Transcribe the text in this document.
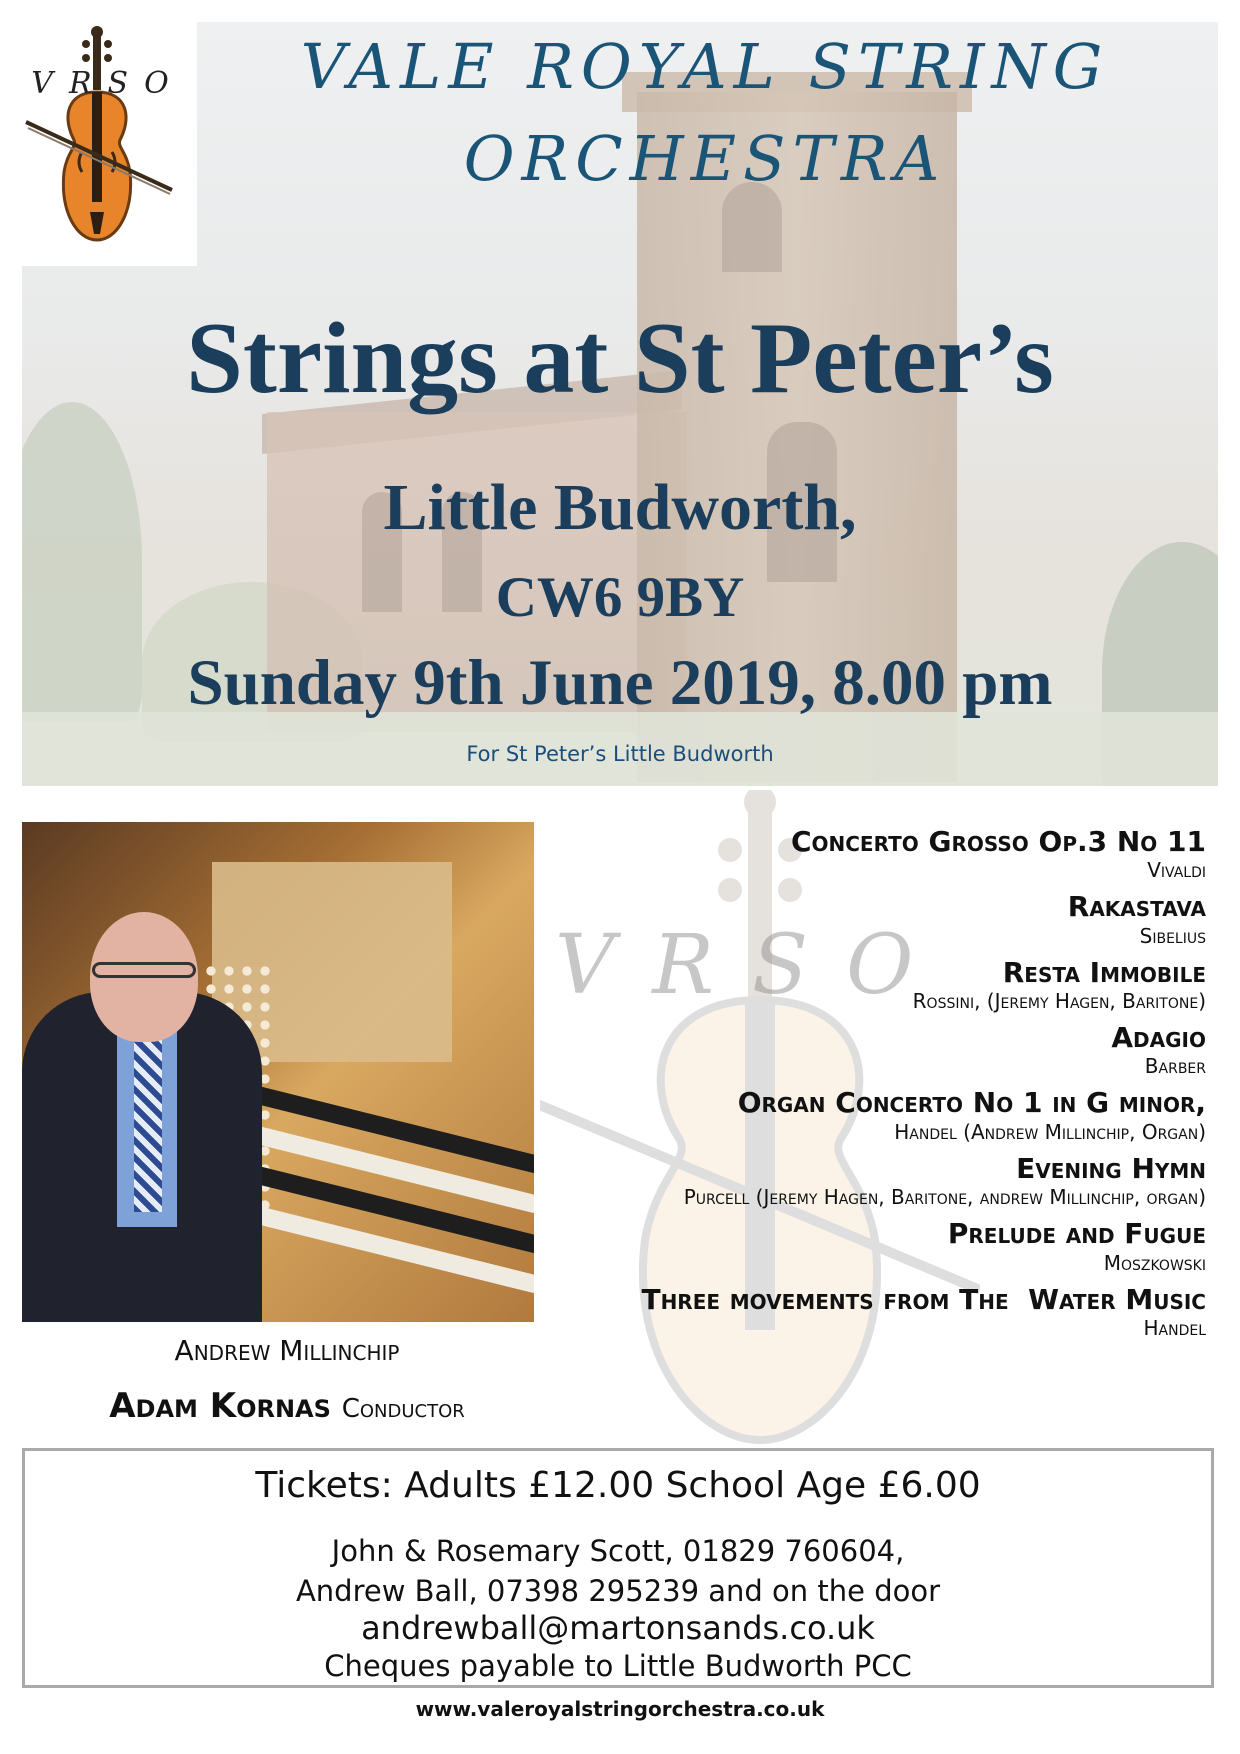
VRSO	VALE ROYAL STRING
ORCHESTRA
Strings at St Peter’s
Little Budworth,
CW6 9BY
Sunday 9th June 2019, 8.00 pm
For St Peter’s Little Budworth
VRSO
Andrew Millinchip
Adam Kornas Conductor
Concerto Grosso Op.3 No 11
Vivaldi
Rakastava
Sibelius
Resta Immobile
Rossini, (Jeremy Hagen, Baritone)
Adagio
Barber
Organ Concerto No 1 in G minor,
Handel (Andrew Millinchip, Organ)
Evening Hymn
Purcell (Jeremy Hagen, Baritone, andrew Millinchip, organ)
Prelude and Fugue
Moszkowski
Three movements from The  Water Music
Handel
Tickets: Adults £12.00 School Age £6.00
John & Rosemary Scott, 01829 760604,
Andrew Ball, 07398 295239 and on the door
andrewball@martonsands.co.uk
Cheques payable to Little Budworth PCC
www.valeroyalstringorchestra.co.uk
